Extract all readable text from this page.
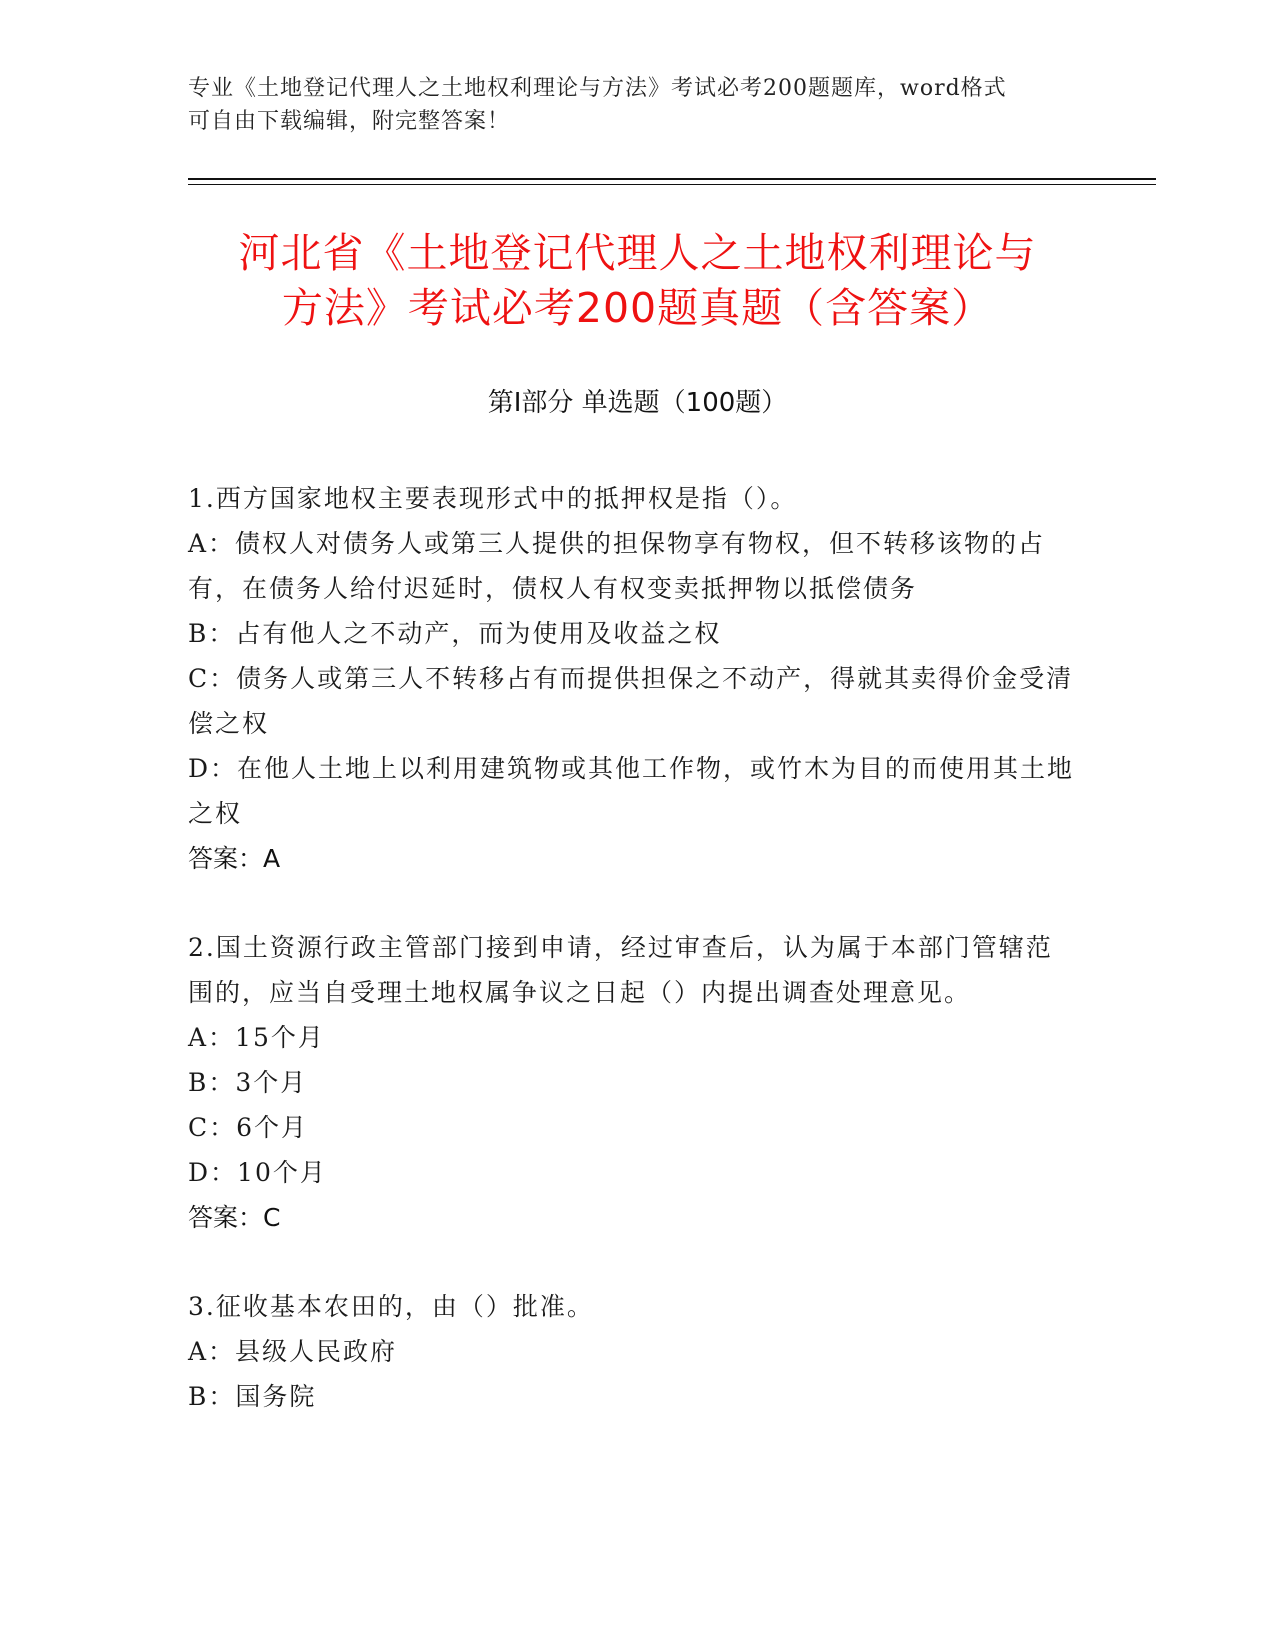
专业《土地登记代理人之土地权利理论与方法》考试必考200题题库，word格式
可自由下载编辑，附完整答案！
河北省《土地登记代理人之土地权利理论与
方法》考试必考200题真题（含答案）
第Ⅰ部分 单选题（100题）

1.西方国家地权主要表现形式中的抵押权是指（）。

A：债权人对债务人或第三人提供的担保物享有物权，但不转移该物的占有，在债务人给付迟延时，债权人有权变卖抵押物以抵偿债务

B：占有他人之不动产，而为使用及收益之权

C：债务人或第三人不转移占有而提供担保之不动产，得就其卖得价金受清偿之权

D：在他人土地上以利用建筑物或其他工作物，或竹木为目的而使用其土地之权

答案：A

2.国土资源行政主管部门接到申请，经过审查后，认为属于本部门管辖范围的，应当自受理土地权属争议之日起（）内提出调查处理意见。

A：15个月

B：3个月

C：6个月

D：10个月

答案：C

3.征收基本农田的，由（）批准。

A：县级人民政府

B：国务院
